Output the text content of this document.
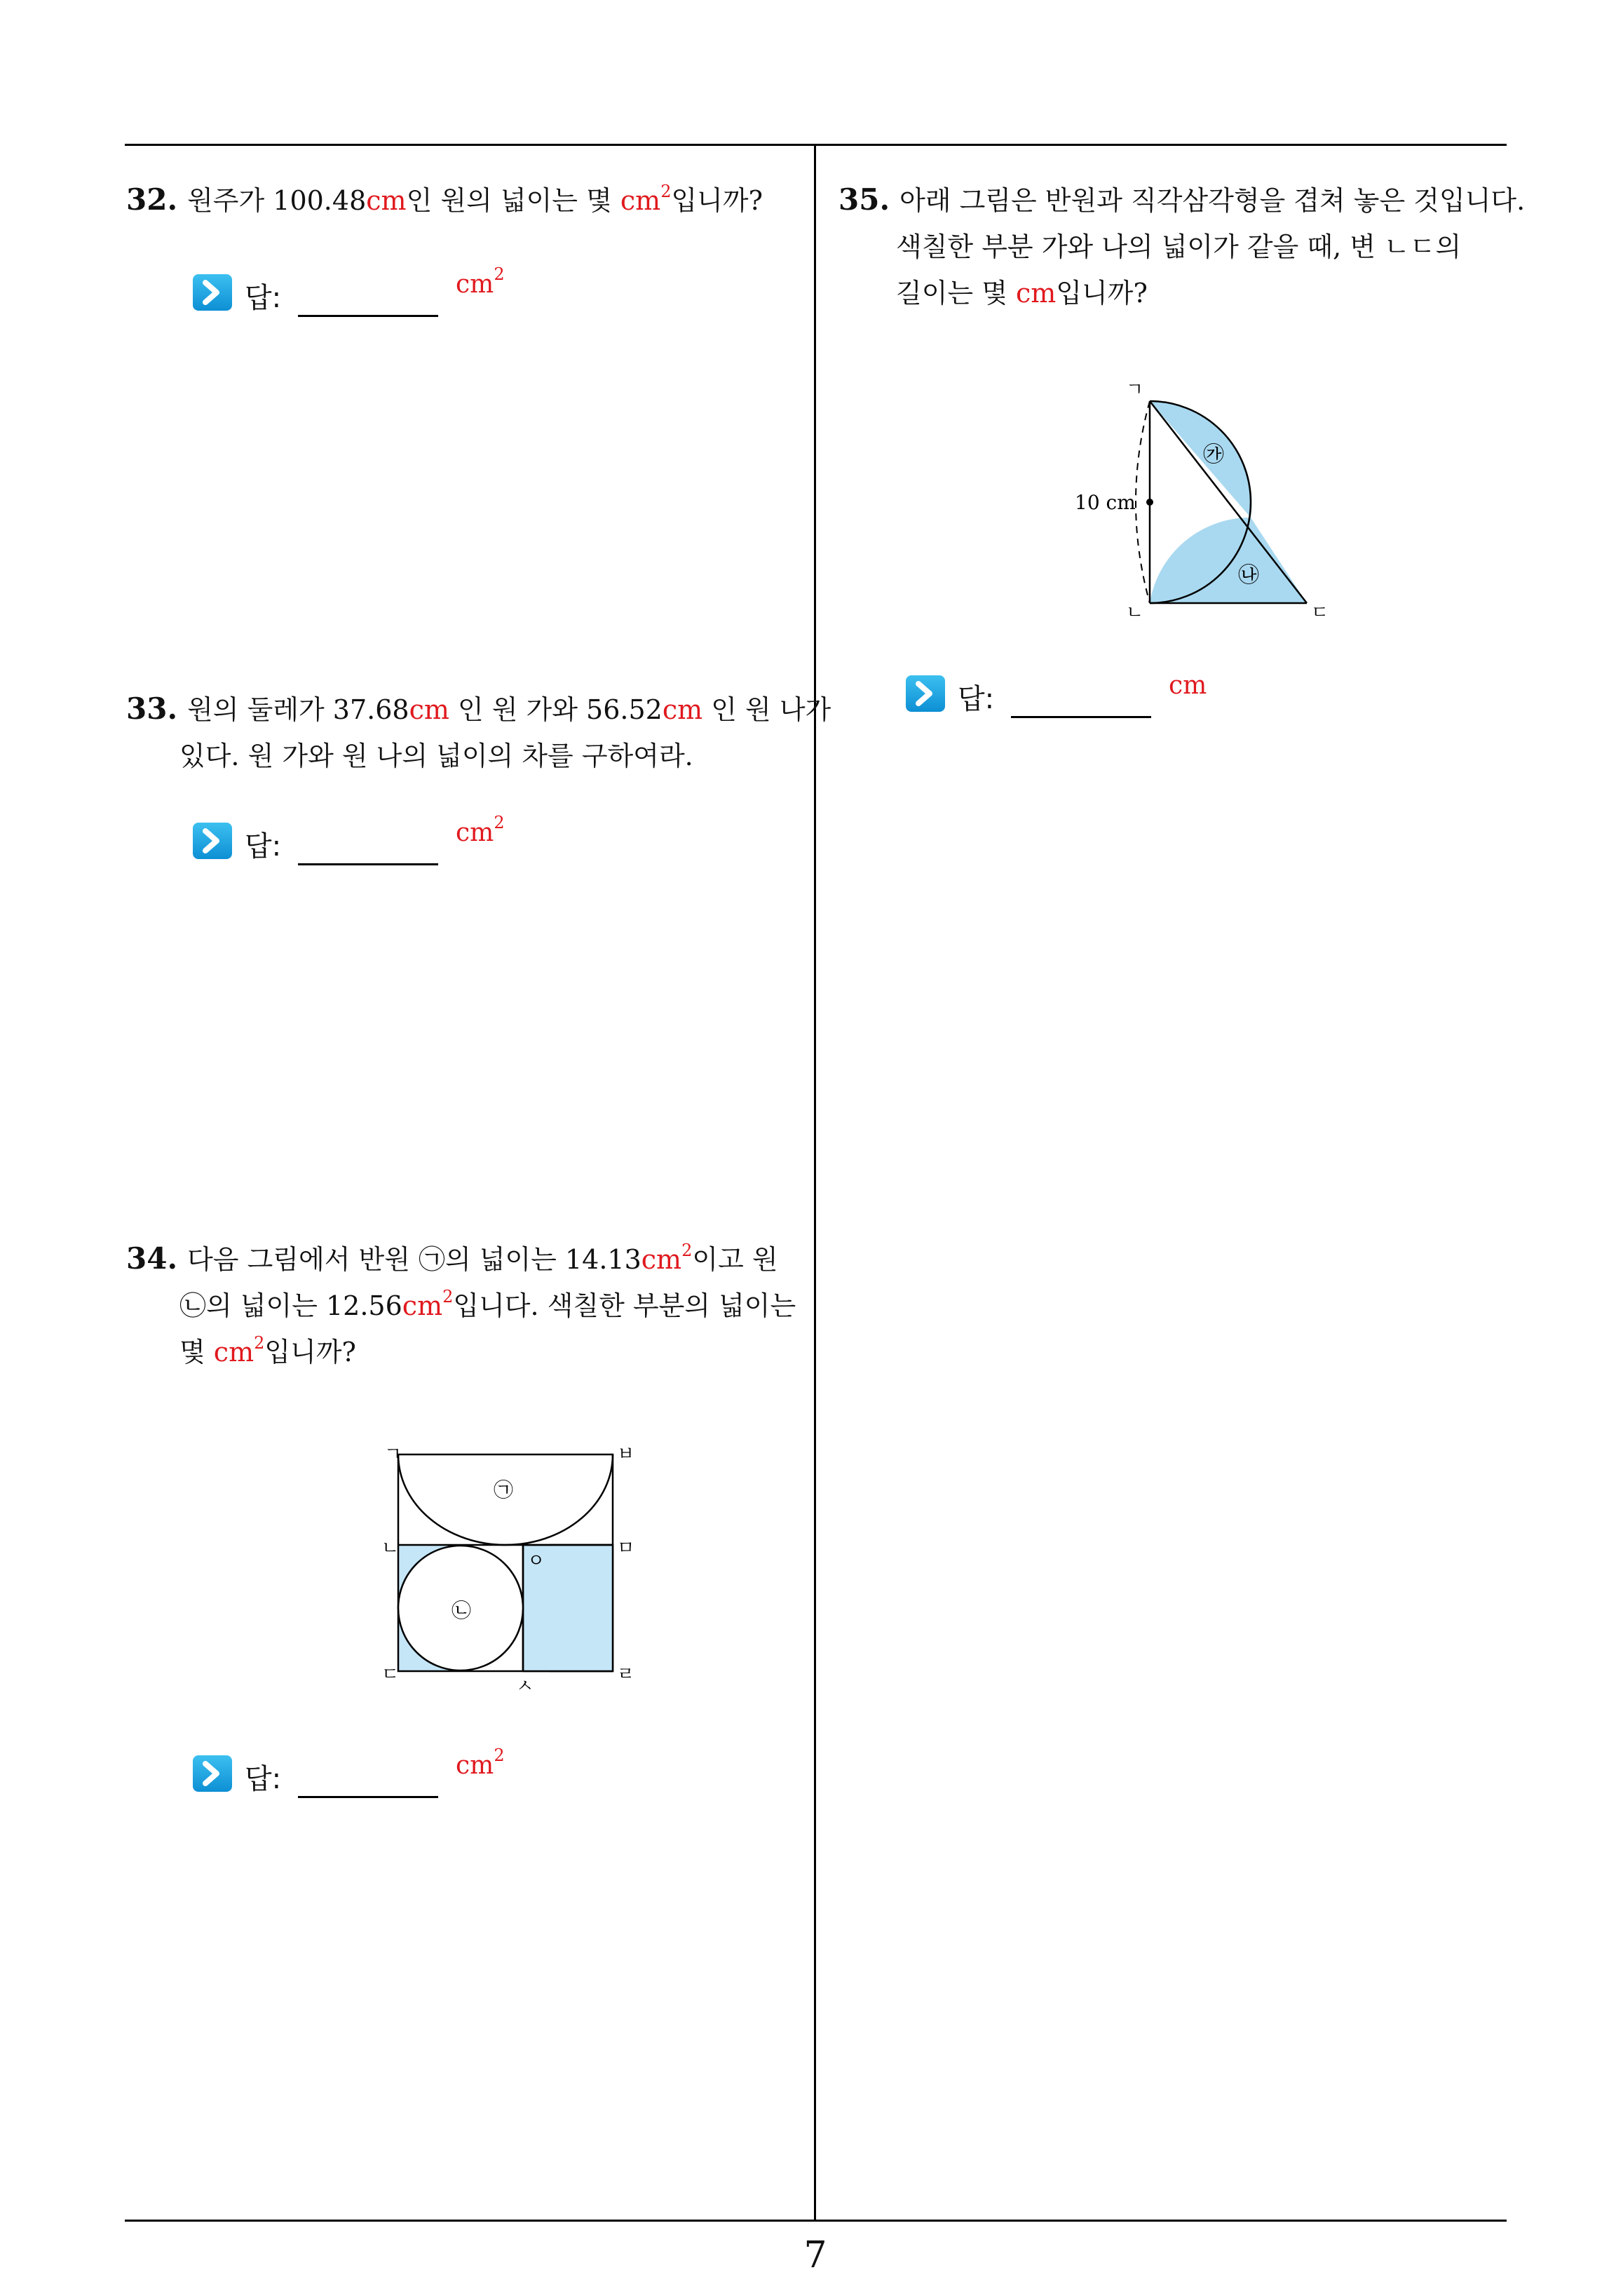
32. 원주가 100.48cm인 원의 넓이는 몇 $cm^2$입니까?
답:	$cm^2$
33. 원의 둘레가 37.68cm 인 원 가와 56.52cm 인 원 나가
있다. 원 가와 원 나의 넓이의 차를 구하여라.
답:	$cm^2$
34. 다음 그림에서 반원 ㉠의 넓이는 $14.13cm^2$이고 원
㉡의 넓이는 $12.56cm^2$입니다. 색칠한 부분의 넓이는
몇 $cm^2$입니까?
ㄱ
ㄴ
ㄷ	ㄹ
ㅁ
ㅂ
ㅅ
ㅇ
㉠
㉡
답:	$cm^2$
35. 아래 그림은 반원과 직각삼각형을 겹쳐 놓은 것입니다.
색칠한 부분 가와 나의 넓이가 같을 때, 변 ㄴㄷ의
길이는 몇 cm입니까?
ㄱ
ㄴ	ㄷ
㉮
㉯
10 cm
답:	cm
7
